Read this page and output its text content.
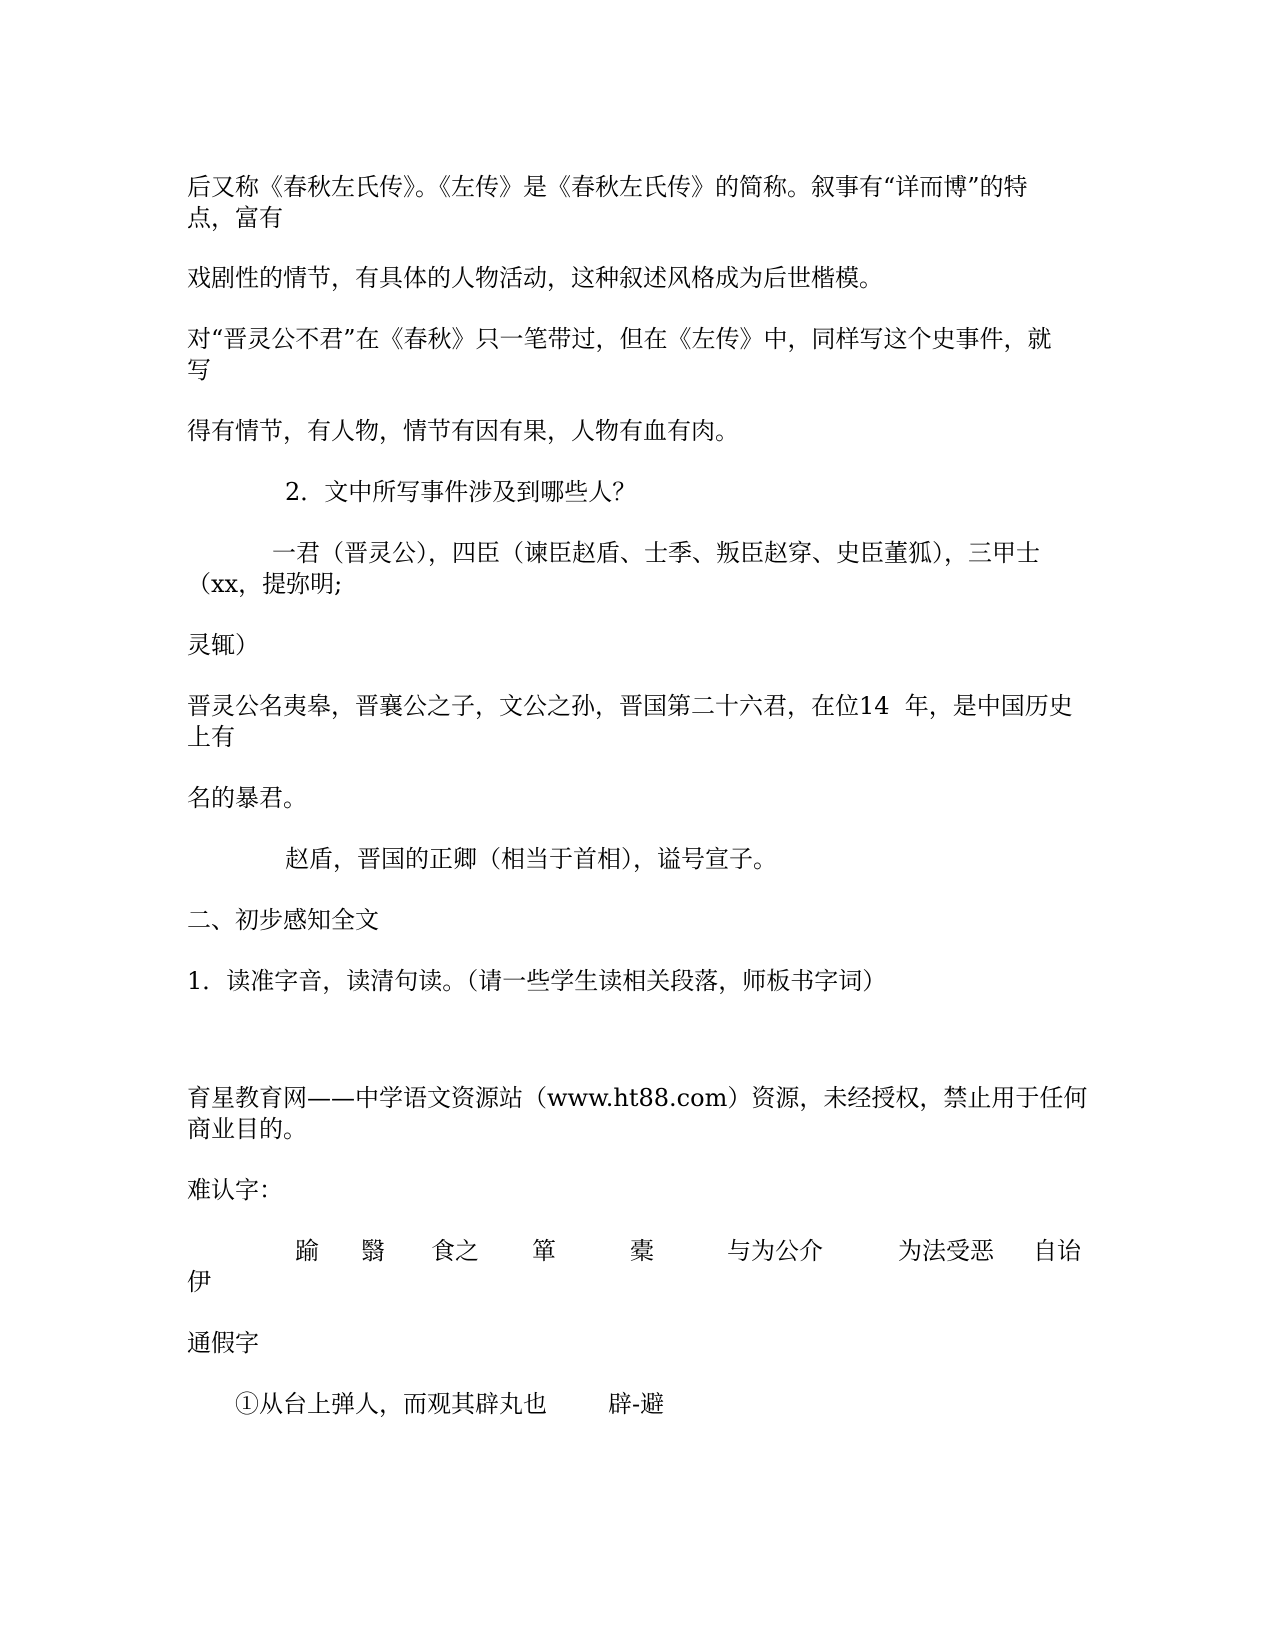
后又称《春秋左氏传》。《左传》是《春秋左氏传》的简称。叙事有“详而博”的特
点，富有
戏剧性的情节，有具体的人物活动，这种叙述风格成为后世楷模。
对“晋灵公不君”在《春秋》只一笔带过，但在《左传》中，同样写这个史事件，就
写
得有情节，有人物，情节有因有果，人物有血有肉。
2．文中所写事件涉及到哪些人？
一君（晋灵公），四臣（谏臣赵盾、士季、叛臣赵穿、史臣董狐），三甲士
（xx，提弥明;
灵辄）
晋灵公名夷皋，晋襄公之子，文公之孙，晋国第二十六君，在位14  年，是中国历史
上有
名的暴君。
赵盾，晋国的正卿（相当于首相），谥号宣子。
二、初步感知全文
1．读准字音，读清句读。（请一些学生读相关段落，师板书字词）
育星教育网——中学语文资源站（www.ht88.com）资源，未经授权，禁止用于任何
商业目的。
难认字：
踰 翳 食之 箪	橐	与为公介	为法受恶 自诒
伊
通假字
①从台上弹人，而观其辟丸也        辟-避
